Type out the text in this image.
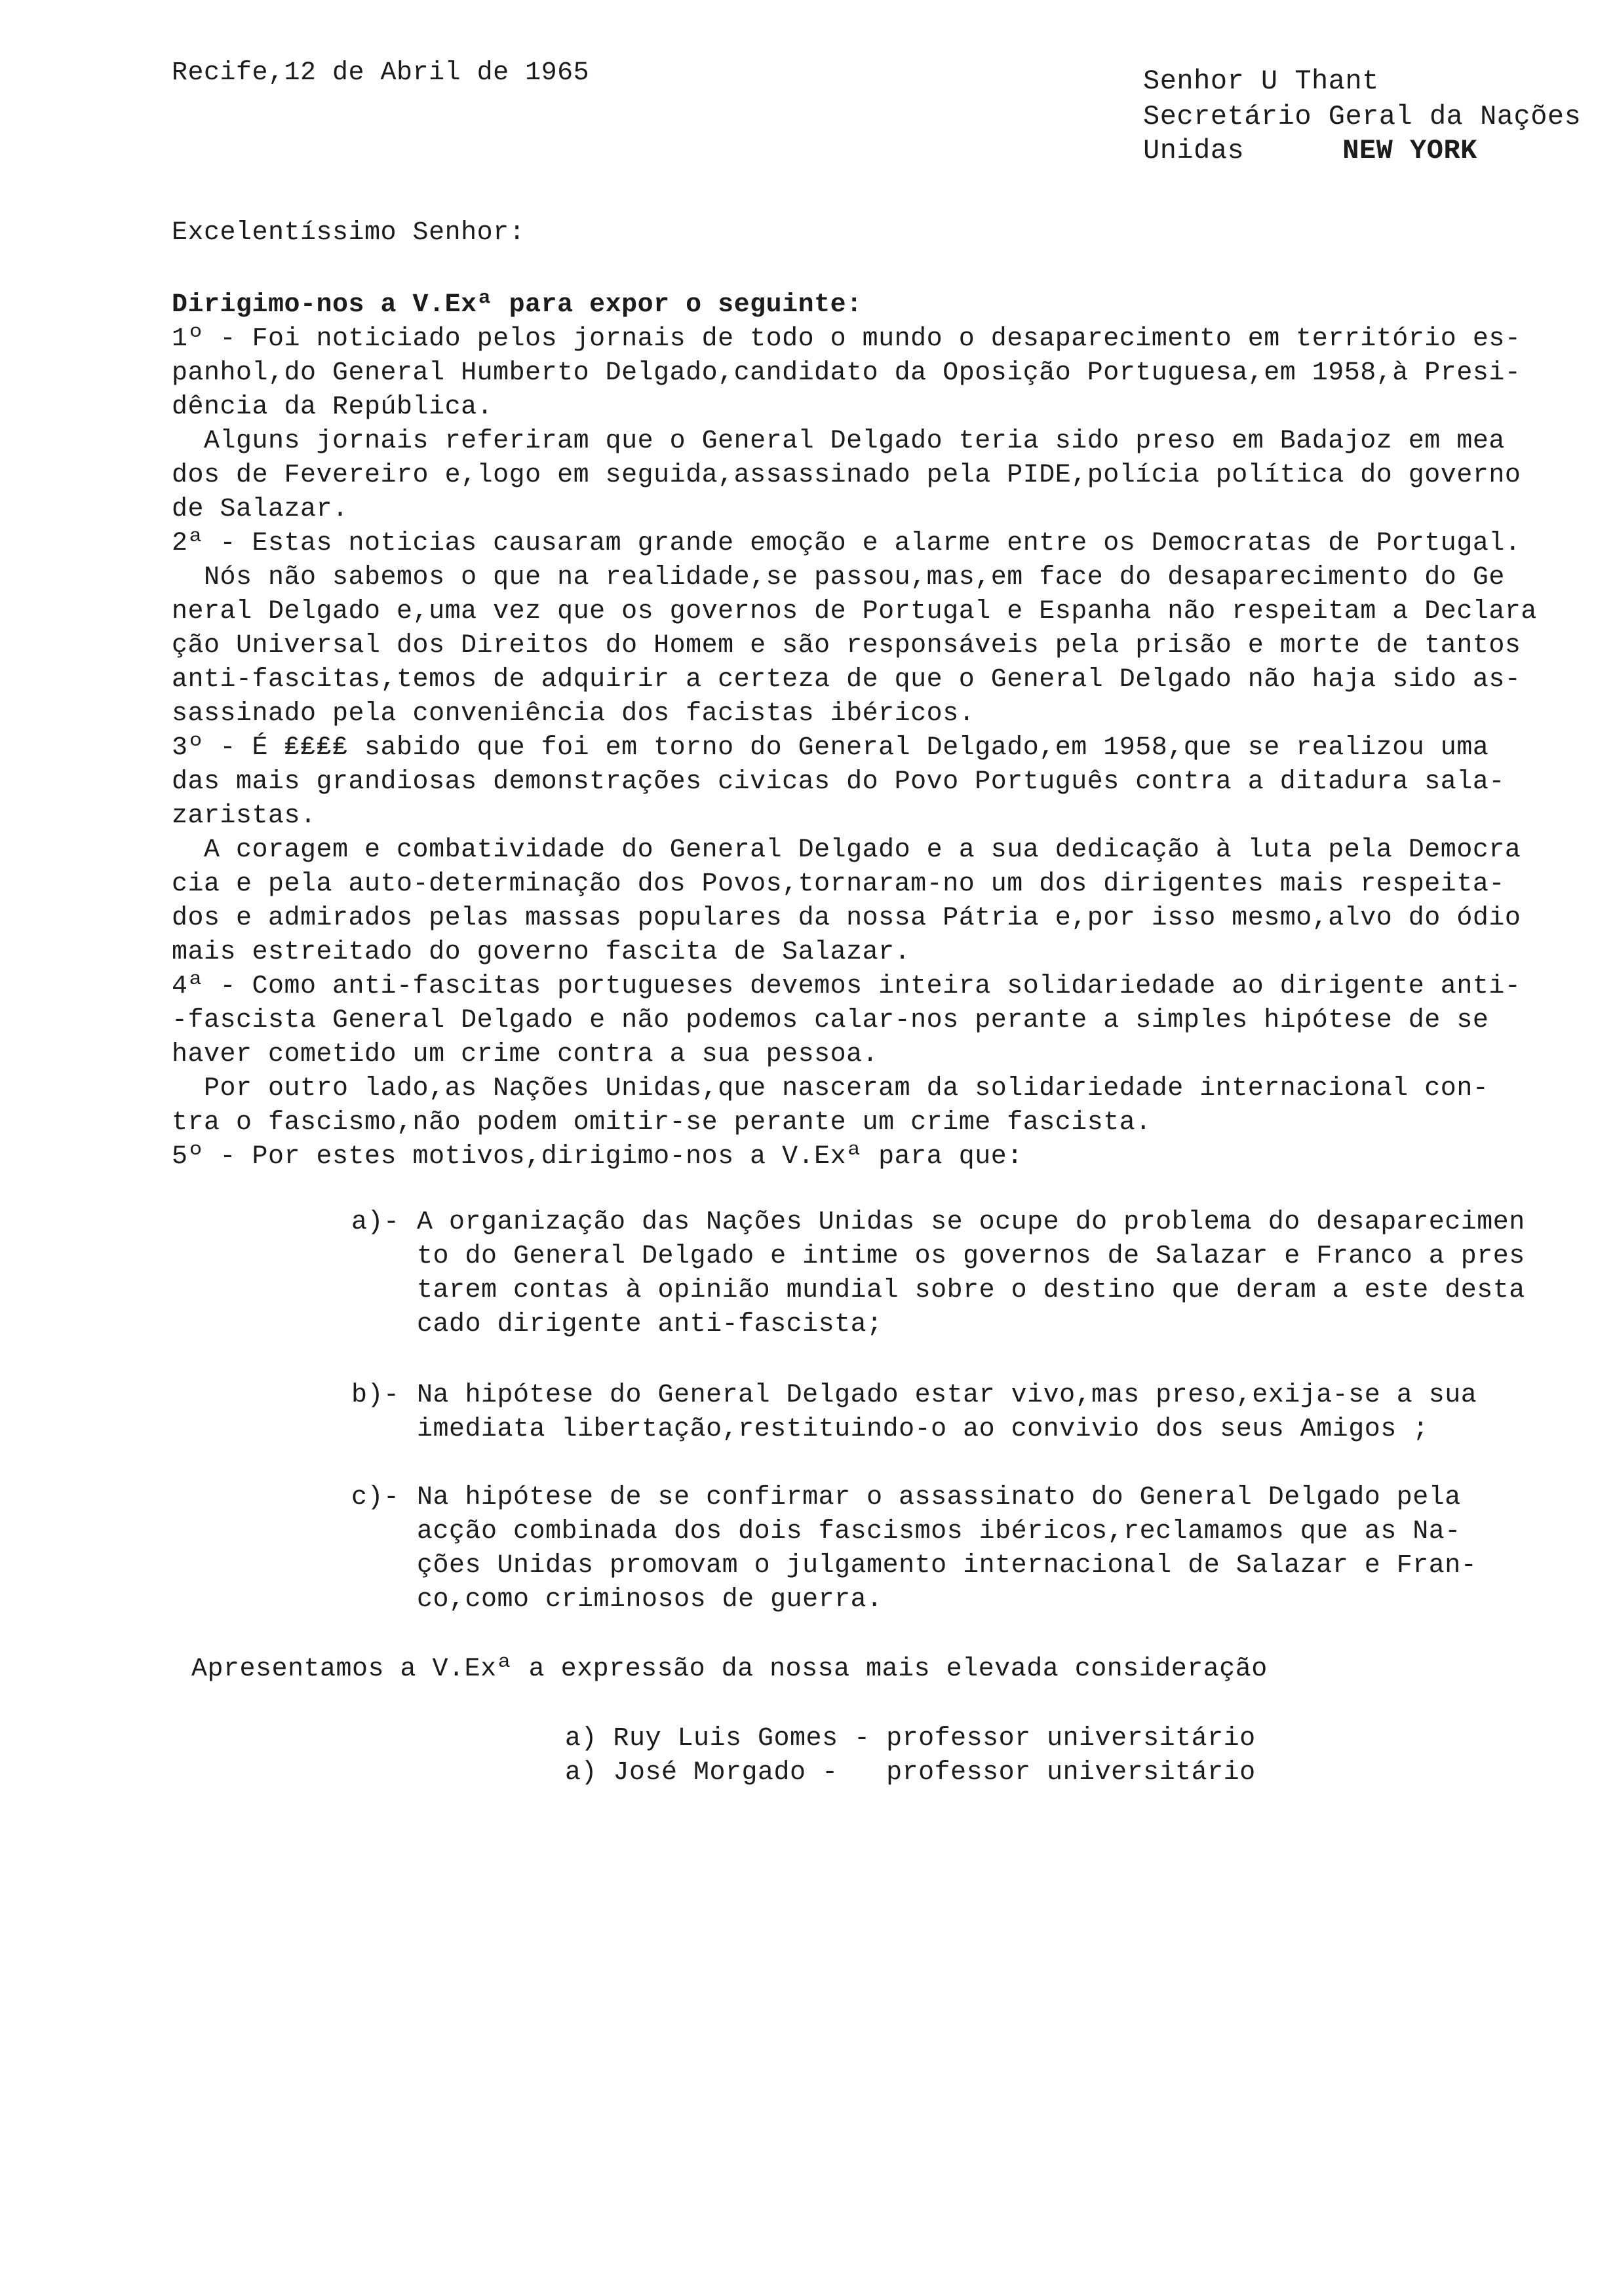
Recife,12 de Abril de 1965	Senhor U Thant
Secretário Geral da Nações
Unidas	NEW YORK
Excelentíssimo Senhor:
Dirigimo-nos a V.Exª para expor o seguinte:
1º - Foi noticiado pelos jornais de todo o mundo o desaparecimento em território es-
panhol,do General Humberto Delgado,candidato da Oposição Portuguesa,em 1958,à Presi-
dência da República.
Alguns jornais referiram que o General Delgado teria sido preso em Badajoz em mea
dos de Fevereiro e,logo em seguida,assassinado pela PIDE,polícia política do governo
de Salazar.
2ª - Estas noticias causaram grande emoção e alarme entre os Democratas de Portugal.
Nós não sabemos o que na realidade,se passou,mas,em face do desaparecimento do Ge
neral Delgado e,uma vez que os governos de Portugal e Espanha não respeitam a Declara
ção Universal dos Direitos do Homem e são responsáveis pela prisão e morte de tantos
anti-fascitas,temos de adquirir a certeza de que o General Delgado não haja sido as-
sassinado pela conveniência dos facistas ibéricos.
3º - É ₤₤₤₤ sabido que foi em torno do General Delgado,em 1958,que se realizou uma
das mais grandiosas demonstrações civicas do Povo Português contra a ditadura sala-
zaristas.
A coragem e combatividade do General Delgado e a sua dedicação à luta pela Democra
cia e pela auto-determinação dos Povos,tornaram-no um dos dirigentes mais respeita-
dos e admirados pelas massas populares da nossa Pátria e,por isso mesmo,alvo do ódio
mais estreitado do governo fascita de Salazar.
4ª - Como anti-fascitas portugueses devemos inteira solidariedade ao dirigente anti-
-fascista General Delgado e não podemos calar-nos perante a simples hipótese de se
haver cometido um crime contra a sua pessoa.
Por outro lado,as Nações Unidas,que nasceram da solidariedade internacional con-
tra o fascismo,não podem omitir-se perante um crime fascista.
5º - Por estes motivos,dirigimo-nos a V.Exª para que:
a)- A organização das Nações Unidas se ocupe do problema do desaparecimen
to do General Delgado e intime os governos de Salazar e Franco a pres
tarem contas à opinião mundial sobre o destino que deram a este desta
cado dirigente anti-fascista;
b)- Na hipótese do General Delgado estar vivo,mas preso,exija-se a sua
imediata libertação,restituindo-o ao convivio dos seus Amigos ;
c)- Na hipótese de se confirmar o assassinato do General Delgado pela
acção combinada dos dois fascismos ibéricos,reclamamos que as Na-
ções Unidas promovam o julgamento internacional de Salazar e Fran-
co,como criminosos de guerra.
Apresentamos a V.Exª a expressão da nossa mais elevada consideração
a) Ruy Luis Gomes - professor universitário
a) José Morgado -   professor universitário
